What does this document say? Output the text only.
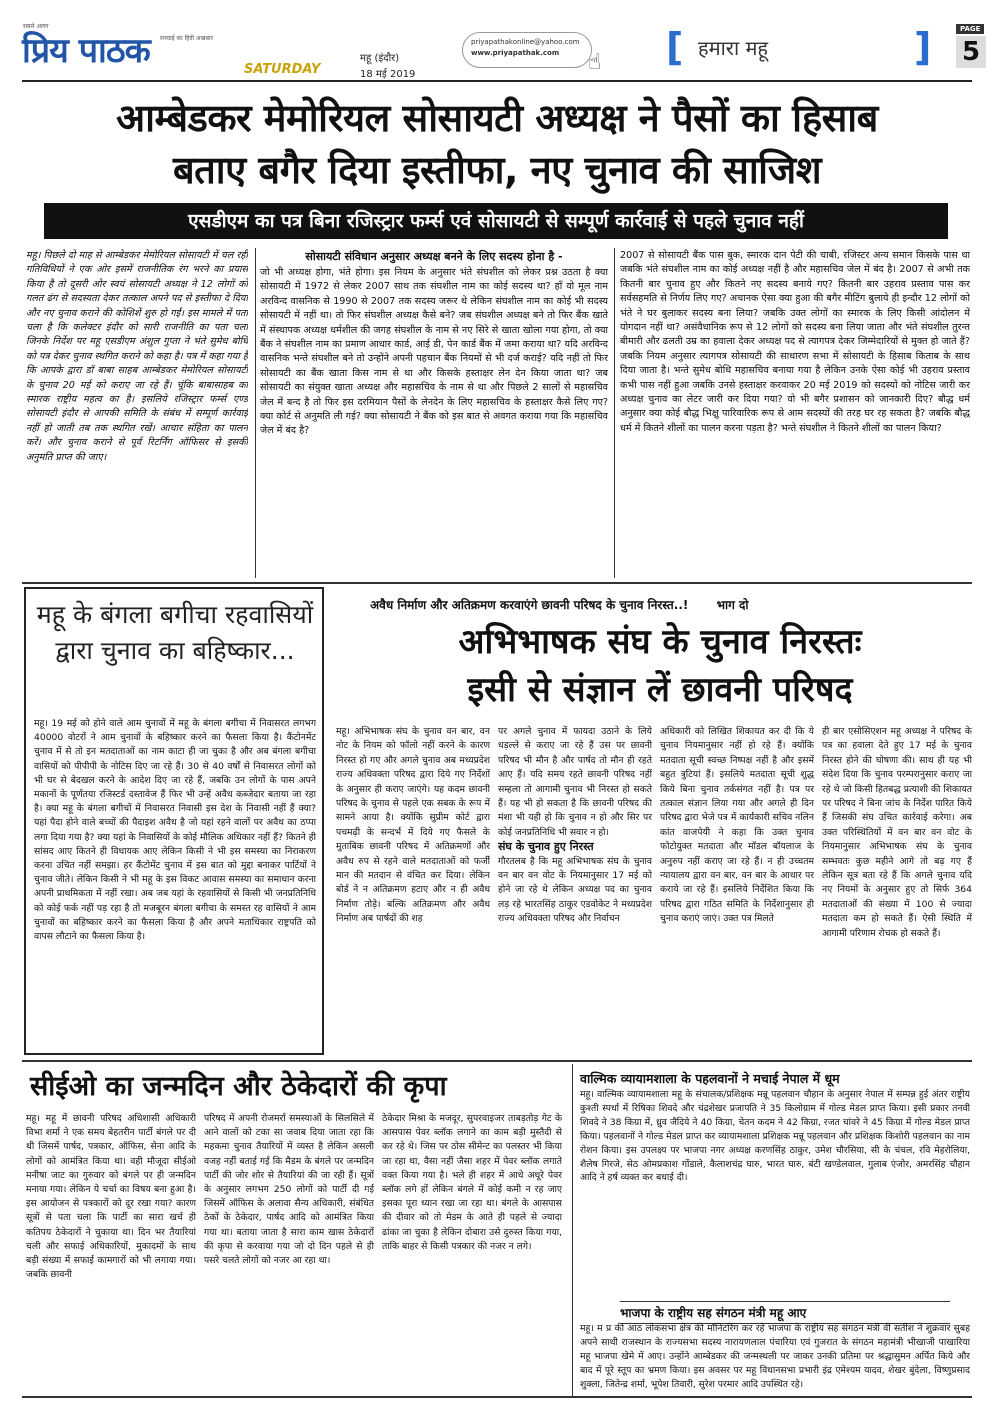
सबसे अलग
प्रिय पाठक सच्चाई का हिंदी अखबार
SATURDAY
महू (इंदौर)
18 मई 2019
priyapathakonline@yahoo.com
www.priyapathak.com	☝ [ हमारा महू	]	PAGE
5
आम्बेडकर मेमोरियल सोसायटी अध्यक्ष ने पैसों का हिसाब
बताए बगैर दिया इस्तीफा, नए चुनाव की साजिश
एसडीएम का पत्र बिना रजिस्ट्रार फर्म्स एवं सोसायटी से सम्पूर्ण कार्रवाई से पहले चुनाव नहीं
महू। पिछले दो माह से आम्बेडकर मेमोरियल सोसायटी में चल रही गतिविधियों ने एक ओर इसमें राजनीतिक रंग भरने का प्रयास किया है तो दूसरी ओर स्वयं सोसायटी अध्यक्ष ने 12 लोगों को गलत ढंग से सदस्यता देकर तत्काल अपने पद से इस्तीफा दे दिया और नए चुनाव कराने की कोशिशें शुरु हो गईं। इस मामले में पता चला है कि कलेक्टर इंदौर को सारी राजनीति का पता चला जिनके निर्देश पर महू एसडीएम अंशुल गुप्ता ने भंते सुमेध बोधि को पत्र देकर चुनाव स्थगित कराने को कहा है। पत्र में कहा गया है कि आपके द्वारा डॉ बाबा साहब आम्बेडकर मेमोरियल सोसायटी के चुनाव 20 मई को कराए जा रहे हैं। चूंकि बाबासाहब का स्मारक राष्ट्रीय महत्व का है। इसलिये रजिस्ट्रार फर्म्स एण्ड सोसायटी इंदौर से आपकी समिति के संबंध में सम्पूर्ण कार्रवाई नहीं हो जाती तब तक स्थगित रखें। आचार संहिता का पालन करें। और चुनाव कराने से पूर्व रिटर्निंग ऑफिसर से इसकी अनुमति प्राप्त की जाए।
सोसायटी संविधान अनुसार अध्यक्ष बनने के लिए सदस्य होना है -

जो भी अध्यक्ष होगा, भंते होगा। इस नियम के अनुसार भंते संघशील को लेकर प्रश्न उठता है क्या सोसायटी में 1972 से लेकर 2007 साथ तक संघशील नाम का कोई सदस्य था? हाँ वो मूल नाम अरविन्द वासनिक से 1990 से 2007 तक सदस्य जरूर थे लेकिन संघशील नाम का कोई भी सदस्य सोसायटी में नहीं था। तो फिर संघशील अध्यक्ष कैसे बने? जब संघशील अध्यक्ष बने तो फिर बैंक खाते में संस्थापक अध्यक्ष धर्मशील की जगह संघशील के नाम से नए सिरे से खाता खोला गया होगा, तो क्या बैंक ने संघशील नाम का प्रमाण आधार कार्ड, आई डी, पेन कार्ड बैंक में जमा कराया था? यदि अरविन्द वासनिक भन्ते संघशील बने तो उन्होंने अपनी पहचान बैंक नियमों से भी दर्ज कराई? यदि नहीं तो फिर सोसायटी का बैंक खाता किस नाम से था और किसके हस्ताक्षर लेन देन किया जाता था? जब सोसायटी का संयुक्त खाता अध्यक्ष और महासचिव के नाम से था और पिछले 2 सालों से महासचिव जेल में बन्द है तो फिर इस दरमियान पैसों के लेनदेन के लिए महासचिव के हस्ताक्षर कैसे लिए गए? क्या कोर्ट से अनुमति ली गई? क्या सोसायटी ने बैंक को इस बात से अवगत कराया गया कि महासचिव जेल में बंद है?

2007 से सोसायटी बैंक पास बुक, स्मारक दान पेटी की चाबी, रजिस्टर अन्य समान किसके पास था जबकि भंते संघशील नाम का कोई अध्यक्ष नहीं है और महासचिव जेल में बंद है। 2007 से अभी तक कितनी बार चुनाव हुए और कितने नए सदस्य बनाये गए? कितनी बार उहराव प्रस्ताव पास कर सर्वसहमति से निर्णय लिए गए? अचानक ऐसा क्या हुआ की बगैर मीटिंग बुलाये ही इन्दौर 12 लोगों को भंते ने घर बुलाकर सदस्य बना लिया? जबकि उक्त लोगों का स्मारक के लिए किसी आंदोलन में योगदान नहीं था? असंवैधानिक रूप से 12 लोगों को सदस्य बना लिया जाता और भंते संघशील तुरन्त बीमारी और ढलती उम्र का हवाला देकर अध्यक्ष पद से त्यागपत्र देकर जिम्मेदारियों से मुक्त हो जाते हैं? जबकि नियम अनुसार त्यागपत्र सोसायटी की साधारण सभा में सोसायटी के हिसाब किताब के साथ दिया जाता है। भन्ते सुमेध बोधि महासचिव बनाया गया है लेकिन उनके ऐसा कोई भी उहराव प्रस्ताव कभी पास नहीं हुआ जबकि उनसे हस्ताक्षर करवाकर 20 मई 2019 को सदस्यों को नोटिस जारी कर अध्यक्ष चुनाव का लेटर जारी कर दिया गया? वो भी बगैर प्रशासन को जानकारी दिए? बौद्ध धर्म अनुसार क्या कोई बौद्ध भिक्षु पारिवारिक रूप से आम सदस्यों की तरह घर रह सकता है? जबकि बौद्ध धर्म में कितने शीलों का पालन करना पड़ता है? भन्ते संघशील ने कितने शीलों का पालन किया?
महू के बंगला बगीचा रहवासियों द्वारा चुनाव का बहिष्कार...
महू। 19 मई को होने वाले आम चुनावों में महू के बंगला बगीचा में निवासरत लगभग 40000 वोटरों ने आम चुनावों के बहिष्कार करने का फैसला किया है। कैंटोनमेंट चुनाव में से तो इन मतदाताओं का नाम काटा ही जा चुका है और अब बंगला बगीचा वासियों को पीपीपी के नोटिस दिए जा रहे हैं। 30 से 40 वर्षों से निवासरत लोगों को भी घर से बेदखल करने के आदेश दिए जा रहे हैं, जबकि उन लोगों के पास अपने मकानों के पूर्णतया रजिस्टर्ड दस्तावेज हैं फिर भी उन्हें अवैध कब्जेदार बताया जा रहा है। क्या महू के बंगला बगीचों में निवासरत निवासी इस देश के निवासी नहीं हैं क्या? यहां पैदा होने वाले बच्चों की पैदाइश अवैध है जो यहां रहने वालों पर अवैध का ठप्पा लगा दिया गया है? क्या यहां के निवासियों के कोई मौलिक अधिकार नहीं हैं? कितने ही सांसद आए कितने ही विधायक आए लेकिन किसी ने भी इस समस्या का निराकरण करना उचित नहीं समझा। हर कैंटोमेंट चुनाव में इस बात को मुद्दा बनाकर पार्टियों ने चुनाव जीते। लेकिन किसी ने भी महू के इस विकट आवास समस्या का समाधान करना अपनी प्राथमिकता में नहीं रखा। अब जब यहां के रहवासियों से किसी भी जनप्रतिनिधि को कोई फर्क नहीं पड़ रहा है तो मजबूरन बंगला बगीचा के समस्त रह वासियों ने आम चुनावों का बहिष्कार करने का फैसला किया है और अपने मताधिकार राष्ट्रपति को वापस लौटाने का फैसला किया है।
अवैध निर्माण और अतिक्रमण करवाएंगे छावनी परिषद के चुनाव निरस्त..! भाग दो
अभिभाषक संघ के चुनाव निरस्तः
इसी से संज्ञान लें छावनी परिषद
महू। अभिभाषक संघ के चुनाव वन बार, वन नोट के नियम को फॉलो नहीं करने के कारण निरस्त हो गए और अगले चुनाव अब मध्यप्रदेश राज्य अधिवक्ता परिषद द्वारा दिये गए निर्देशों के अनुसार ही कराए जाएंगे। यह कदम छावनी परिषद के चुनाव से पहले एक सबक के रूप में सामने आया है। क्योंकि सुप्रीम कोर्ट द्वारा पचमढ़ी के सन्दर्भ में दिये गए फैसले के मुताबिक छावनी परिषद में अतिक्रमणों और अवैध रुप से रहने वाले मतदाताओं को फर्जी मान की मतदान से वंचित कर दिया। लेकिन बोर्ड ने न अतिक्रमण हटाए और न ही अवैध निर्माण तोड़े। बल्कि अतिक्रमण और अवैध निर्माण अब पार्षदों की शह

पर अगले चुनाव में फायदा उठाने के लिये धड़ल्ले से कराए जा रहे हैं उस पर छावनी परिषद भी मौन है और पार्षद तो मौन ही रहते आए हैं। यदि समय रहते छावनी परिषद नहीं सम्हला तो आगामी चुनाव भी निरस्त हो सकते हैं। यह भी हो सकता है कि छावनी परिषद की मंशा भी यही हो कि चुनाव न हो और सिर पर कोई जनप्रतिनिधि भी सवार न हो।

संघ के चुनाव हुए निरस्त

गौरतलब है कि महू अभिभाषक संघ के चुनाव वन बार वन वोट के नियमानुसार 17 मई को होने जा रहे थे लेकिन अध्यक्ष पद का चुनाव लड़ रहे भारतसिंह ठाकुर एडवोकेट ने मध्यप्रदेश राज्य अधिवक्ता परिषद और निर्वाचन

अधिकारी को लिखित शिकायत कर दी कि ये चुनाव नियमानुसार नहीं हो रहे हैं। क्योंकि मतदाता सूची स्वच्छ निष्पक्ष नहीं है और इसमें बहुत त्रुटियां हैं। इसलिये मतदाता सूची शुद्ध किये बिना चुनाव तर्कसंगत नहीं है। पत्र पर तत्काल संज्ञान लिया गया और अगले ही दिन परिषद द्वारा भेजे पत्र में कार्यकारी सचिव नलिन कांत वाजपेयी ने कहा कि उक्त चुनाव फोटोयुक्त मतदाता और मॉडल बॉयलाज के अनुरुप नहीं कराए जा रहे हैं। न ही उच्चतम न्यायालय द्वारा वन बार, वन बार के आधार पर कराये जा रहे हैं। इसलिये निर्देशित किया कि परिषद द्वारा गठित समिति के निर्देशानुसार ही चुनाव कराएं जाएं। उक्त पत्र मिलते
ही बार एसोसिएशन महू अध्यक्ष ने परिषद के पत्र का हवाला देते हुए 17 मई के चुनाव निरस्त होने की घोषणा की। साथ ही यह भी संदेश दिया कि चुनाव परम्परानुसार कराए जा रहे थे जो किसी हितबद्ध प्रत्याशी की शिकायत पर परिषद ने बिना जांच के निर्देश पारित किये हैं जिसकी संघ उचित कार्रवाई करेगा। अब उक्त परिस्थितियों में वन बार वन वोट के नियमानुसार अभिभाषक संघ के चुनाव सम्भवतः कुछ महीने आगे तो बढ़ गए हैं लेकिन सूत्र बता रहे हैं कि अगले चुनाव यदि नए नियमों के अनुसार हुए तो सिर्फ 364 मतदाताओं की संख्या में 100 से ज्यादा मतदाता कम हो सकते हैं। ऐसी स्थिति में आगामी परिणाम रोचक हो सकते हैं।
सीईओ का जन्मदिन और ठेकेदारों की कृपा
महू। महू में छावनी परिषद अधिशासी अधिकारी विभा शर्मा ने एक समय बेहतरीन पार्टी बंगले पर दी थी जिसमें पार्षद, पत्रकार, ऑफिस, सेना आदि के लोगों को आमंत्रित किया था। वही मौजूदा सीईओ मनीषा जाट का गुरुवार को बंगले पर ही जन्मदिन मनाया गया। लेकिन ये चर्चा का विषय बना हुआ है। इस आयोजन से पत्रकारों को दूर रखा गया? कारण सूत्रों से पता चला कि पार्टी का सारा खर्च ही कतिपय ठेकेदारों ने चुकाया था। दिन भर तैयारियां चली और सफाई अधिकारियों, मुकादमों के साथ बड़ी संख्या में सफाई कामगारों को भी लगाया गया। जबकि छावनी
परिषद में अपनी रोजमर्रा समस्याओं के सिलसिले में आने वालों को टका सा जवाब दिया जाता रहा कि महकमा चुनाव तैयारियों में व्यस्त है लेकिन असली वजह नहीं बताई गई कि मैडम के बंगले पर जन्मदिन पार्टी की जोर शोर से तैयारियां की जा रही हैं। सूत्रों के अनुसार लगभग 250 लोगों को पार्टी दी गई जिसमें ऑफिस के अलावा सैन्य अधिकारी, संबंधित ठेकों के ठेकेदार, पार्षद आदि को आमंत्रित किया गया था। बताया जाता है सारा काम खास ठेकेदारों की कृपा से करवाया गया जो दो दिन पहले से ही पसरे चलते लोगों को नजर आ रहा था।
ठेकेदार मिश्रा के मजदूर, सुपरवाइजर ताबड़तोड़ गेट के आसपास पेवर ब्लॉक लगाने का काम बड़ी मुस्तैदी से कर रहे थे। जिस पर ठोस सीमेन्ट का पलस्तर भी किया जा रहा था, वैसा नहीं जैसा शहर में पेवर ब्लॉक लगाते वक्त किया गया है। भले ही शहर में आधे अधूरे पेवर ब्लॉक लगे हों लेकिन बंगले में कोई कमी न रह जाए इसका पूरा ध्यान रखा जा रहा था। बंगले के आसपास की दीवार को तो मेडम के आते ही पहले से ज्यादा ढांका जा चुका है लेकिन दोबारा उसे दुरुस्त किया गया, ताकि बाहर से किसी पत्रकार की नजर न लगे।
वाल्मिक व्यायामशाला के पहलवानों ने मचाई नेपाल में धूम
महू। वाल्मिक व्यायामशाला महू के संचालक/प्रशिक्षक मन्नू पहलवान चौहान के अनुसार नेपाल में सम्पन्न हुई अंतर राष्ट्रीय कुश्ती स्पर्धा में रिषिका शिवदे और चंद्रशेखर प्रजापति ने 35 किलोग्राम में गोल्ड मेडल प्राप्त किया। इसी प्रकार तनवी शिवदे ने 38 किग्रा में, ध्रुव जैदिये ने 40 किग्रा, चेतन कदम ने 42 किग्रा, रजत चांवरे ने 45 किग्रा में गोल्ड मेडल प्राप्त किया। पहलवानों ने गोल्ड मेडल प्राप्त कर व्यायामशाला प्रशिक्षक मन्नू पहलवान और प्रशिक्षक किशोरी पहलवान का नाम रोशन किया। इस उपलक्ष्य पर भाजपा नगर अध्यक्ष करणसिंह ठाकुर, उमेश चौरसिया, सी के चंचल, रवि मेहरोलिया, शैलेष गिरजे, सेठ ओमप्रकाश गोंडाले, कैलाशचंद्र घारु, भारत घारु, बंटी खण्डेलवाल, गुलाब एंजोर, अमरसिंह चौहान आदि ने हर्ष व्यक्त कर बधाई दी।
भाजपा के राष्ट्रीय सह संगठन मंत्री महू आए
महू। म प्र की आठ लोकसभा क्षेत्र की मॉनिटरिंग कर रहे भाजपा के राष्ट्रीय सह संगठन मंत्री वी सतीश ने शुक्रवार सुबह अपने साथी राजस्थान के राज्यसभा सदस्य नारायणलाल पंचारिया एवं गुजरात के संगठन महामंत्री भीखाजी पाखारिया महू भाजपा खेमे में आए। उन्होंने आम्बेडकर की जन्मस्थली पर जाकर उनकी प्रतिमा पर श्रद्धासुमन अर्पित किये और बाद में पूरे स्तूप का भ्रमण किया। इस अवसर पर महू विधानसभा प्रभारी इंद्र एमेश्यम यादव, शेखर बुंदेला, विष्णुप्रसाद शुक्ला, जितेन्द्र शर्मा, भूपेश तिवारी, सुरेश परमार आदि उपस्थित रहे।
